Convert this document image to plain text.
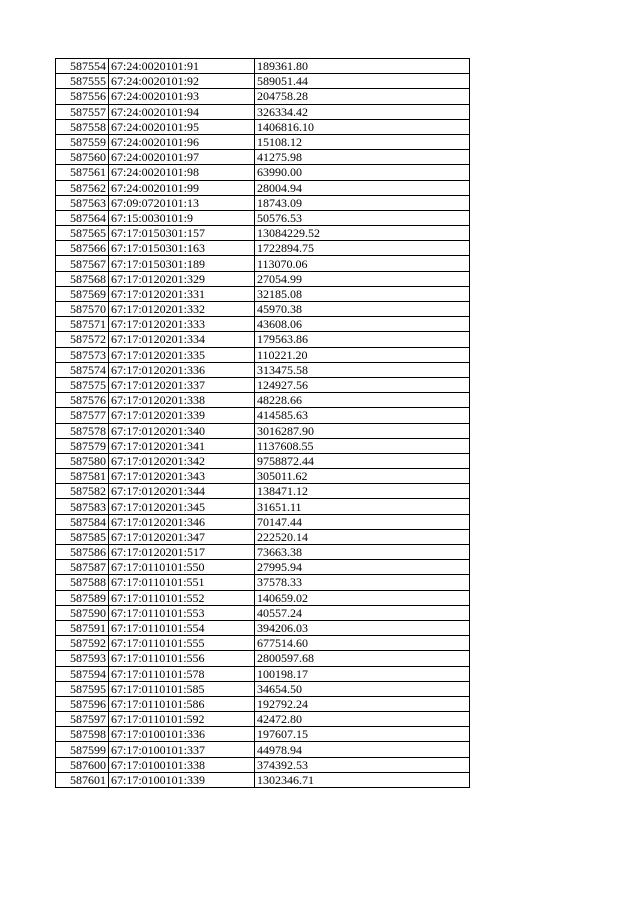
587554	67:24:0020101:91	189361.80
587555	67:24:0020101:92	589051.44
587556	67:24:0020101:93	204758.28
587557	67:24:0020101:94	326334.42
587558	67:24:0020101:95	1406816.10
587559	67:24:0020101:96	15108.12
587560	67:24:0020101:97	41275.98
587561	67:24:0020101:98	63990.00
587562	67:24:0020101:99	28004.94
587563	67:09:0720101:13	18743.09
587564	67:15:0030101:9	50576.53
587565	67:17:0150301:157	13084229.52
587566	67:17:0150301:163	1722894.75
587567	67:17:0150301:189	113070.06
587568	67:17:0120201:329	27054.99
587569	67:17:0120201:331	32185.08
587570	67:17:0120201:332	45970.38
587571	67:17:0120201:333	43608.06
587572	67:17:0120201:334	179563.86
587573	67:17:0120201:335	110221.20
587574	67:17:0120201:336	313475.58
587575	67:17:0120201:337	124927.56
587576	67:17:0120201:338	48228.66
587577	67:17:0120201:339	414585.63
587578	67:17:0120201:340	3016287.90
587579	67:17:0120201:341	1137608.55
587580	67:17:0120201:342	9758872.44
587581	67:17:0120201:343	305011.62
587582	67:17:0120201:344	138471.12
587583	67:17:0120201:345	31651.11
587584	67:17:0120201:346	70147.44
587585	67:17:0120201:347	222520.14
587586	67:17:0120201:517	73663.38
587587	67:17:0110101:550	27995.94
587588	67:17:0110101:551	37578.33
587589	67:17:0110101:552	140659.02
587590	67:17:0110101:553	40557.24
587591	67:17:0110101:554	394206.03
587592	67:17:0110101:555	677514.60
587593	67:17:0110101:556	2800597.68
587594	67:17:0110101:578	100198.17
587595	67:17:0110101:585	34654.50
587596	67:17:0110101:586	192792.24
587597	67:17:0110101:592	42472.80
587598	67:17:0100101:336	197607.15
587599	67:17:0100101:337	44978.94
587600	67:17:0100101:338	374392.53
587601	67:17:0100101:339	1302346.71
